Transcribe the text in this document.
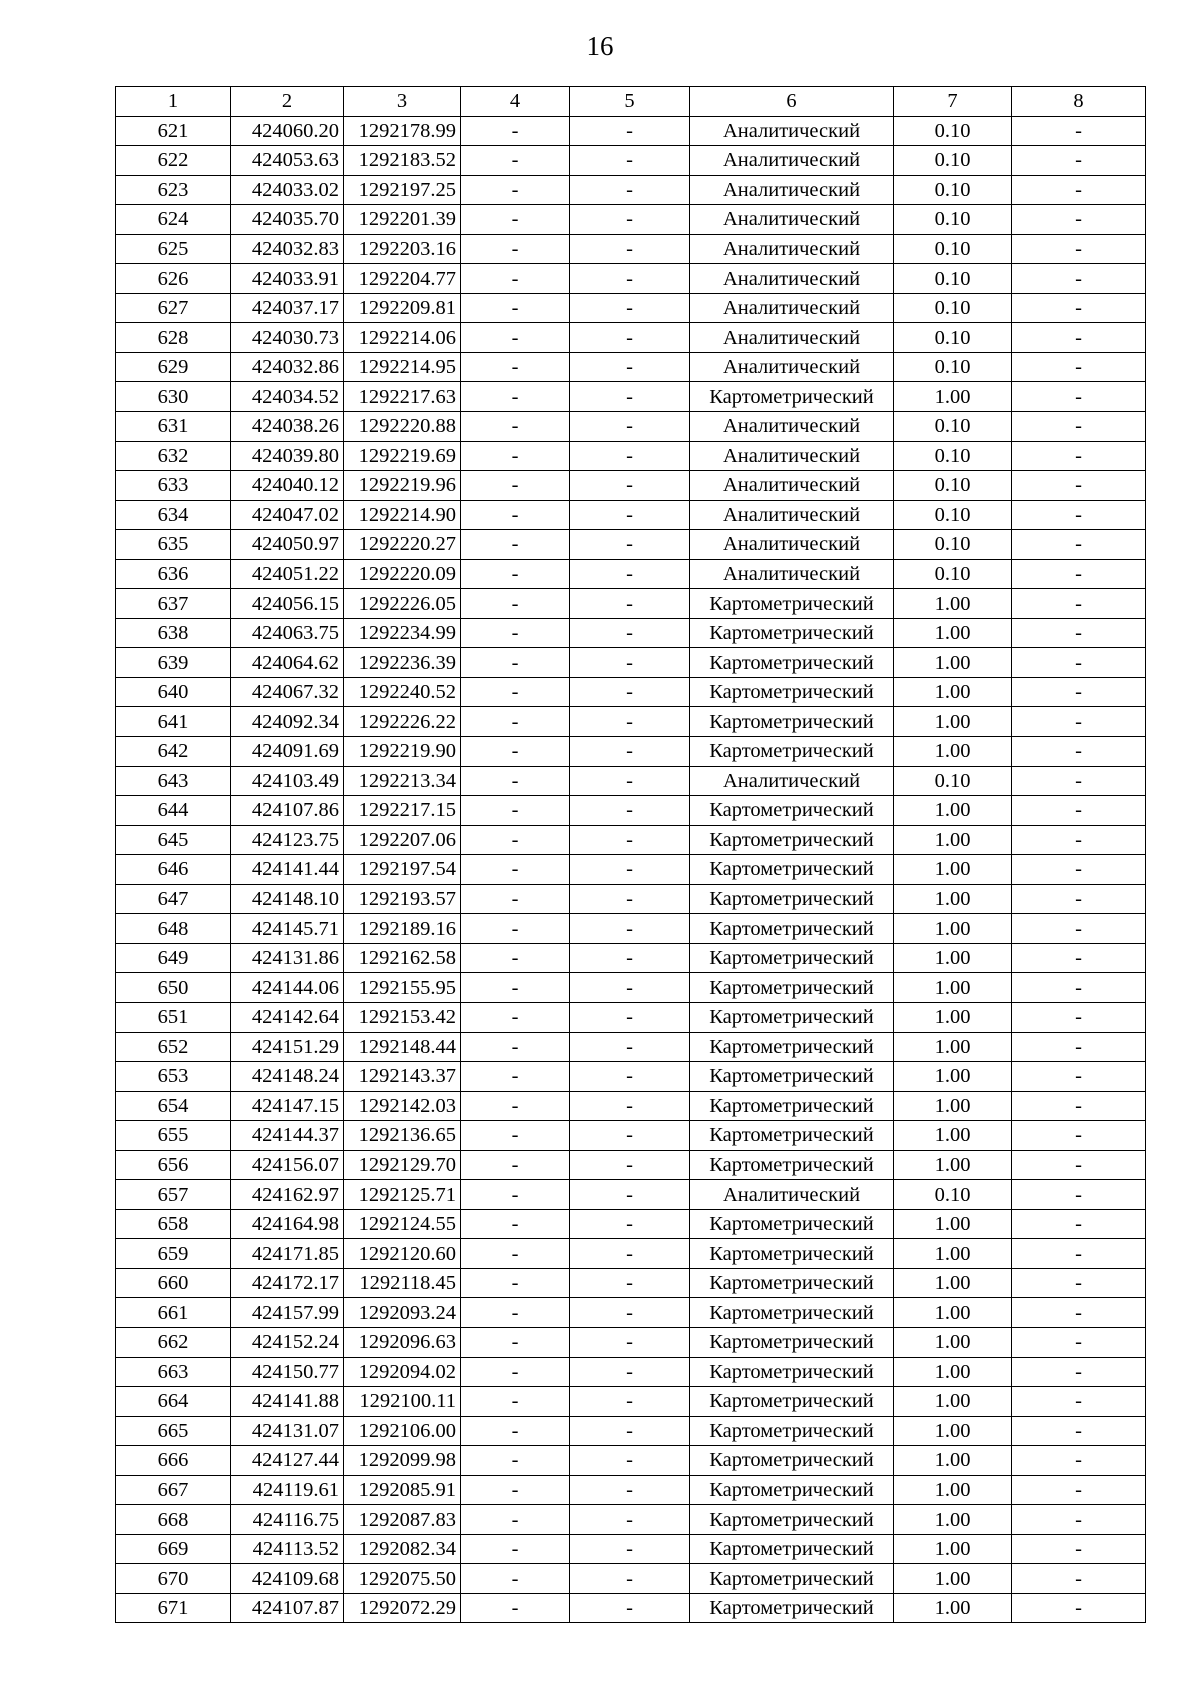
16
1	2	3	4	5	6	7	8
621	424060.20	1292178.99	-	-	Аналитический	0.10	-
622	424053.63	1292183.52	-	-	Аналитический	0.10	-
623	424033.02	1292197.25	-	-	Аналитический	0.10	-
624	424035.70	1292201.39	-	-	Аналитический	0.10	-
625	424032.83	1292203.16	-	-	Аналитический	0.10	-
626	424033.91	1292204.77	-	-	Аналитический	0.10	-
627	424037.17	1292209.81	-	-	Аналитический	0.10	-
628	424030.73	1292214.06	-	-	Аналитический	0.10	-
629	424032.86	1292214.95	-	-	Аналитический	0.10	-
630	424034.52	1292217.63	-	-	Картометрический	1.00	-
631	424038.26	1292220.88	-	-	Аналитический	0.10	-
632	424039.80	1292219.69	-	-	Аналитический	0.10	-
633	424040.12	1292219.96	-	-	Аналитический	0.10	-
634	424047.02	1292214.90	-	-	Аналитический	0.10	-
635	424050.97	1292220.27	-	-	Аналитический	0.10	-
636	424051.22	1292220.09	-	-	Аналитический	0.10	-
637	424056.15	1292226.05	-	-	Картометрический	1.00	-
638	424063.75	1292234.99	-	-	Картометрический	1.00	-
639	424064.62	1292236.39	-	-	Картометрический	1.00	-
640	424067.32	1292240.52	-	-	Картометрический	1.00	-
641	424092.34	1292226.22	-	-	Картометрический	1.00	-
642	424091.69	1292219.90	-	-	Картометрический	1.00	-
643	424103.49	1292213.34	-	-	Аналитический	0.10	-
644	424107.86	1292217.15	-	-	Картометрический	1.00	-
645	424123.75	1292207.06	-	-	Картометрический	1.00	-
646	424141.44	1292197.54	-	-	Картометрический	1.00	-
647	424148.10	1292193.57	-	-	Картометрический	1.00	-
648	424145.71	1292189.16	-	-	Картометрический	1.00	-
649	424131.86	1292162.58	-	-	Картометрический	1.00	-
650	424144.06	1292155.95	-	-	Картометрический	1.00	-
651	424142.64	1292153.42	-	-	Картометрический	1.00	-
652	424151.29	1292148.44	-	-	Картометрический	1.00	-
653	424148.24	1292143.37	-	-	Картометрический	1.00	-
654	424147.15	1292142.03	-	-	Картометрический	1.00	-
655	424144.37	1292136.65	-	-	Картометрический	1.00	-
656	424156.07	1292129.70	-	-	Картометрический	1.00	-
657	424162.97	1292125.71	-	-	Аналитический	0.10	-
658	424164.98	1292124.55	-	-	Картометрический	1.00	-
659	424171.85	1292120.60	-	-	Картометрический	1.00	-
660	424172.17	1292118.45	-	-	Картометрический	1.00	-
661	424157.99	1292093.24	-	-	Картометрический	1.00	-
662	424152.24	1292096.63	-	-	Картометрический	1.00	-
663	424150.77	1292094.02	-	-	Картометрический	1.00	-
664	424141.88	1292100.11	-	-	Картометрический	1.00	-
665	424131.07	1292106.00	-	-	Картометрический	1.00	-
666	424127.44	1292099.98	-	-	Картометрический	1.00	-
667	424119.61	1292085.91	-	-	Картометрический	1.00	-
668	424116.75	1292087.83	-	-	Картометрический	1.00	-
669	424113.52	1292082.34	-	-	Картометрический	1.00	-
670	424109.68	1292075.50	-	-	Картометрический	1.00	-
671	424107.87	1292072.29	-	-	Картометрический	1.00	-
